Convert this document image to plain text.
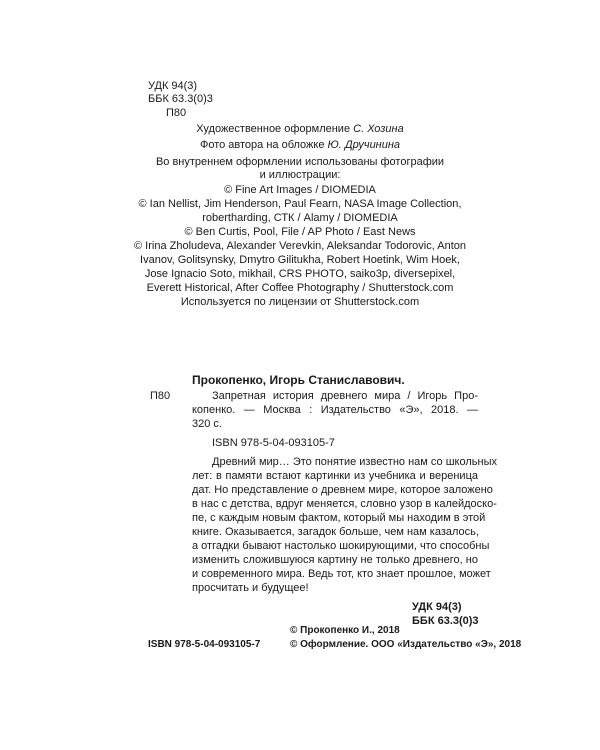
УДК 94(3)
ББК 63.3(0)3
П80
Художественное оформление С. Хозина
Фото автора на обложке Ю. Дручинина
Во внутреннем оформлении использованы фотографии
и иллюстрации:
© Fine Art Images / DIOMEDIA
© Ian Nellist, Jim Henderson, Paul Fearn, NASA Image Collection,
robertharding, СТК / Alamy / DIOMEDIA
© Ben Curtis, Pool, File / AP Photo / East News
© Irina Zholudeva, Alexander Verevkin, Aleksandar Todorovic, Anton
Ivanov, Golitsynsky, Dmytro Gilitukha, Robert Hoetink, Wim Hoek,
Jose Ignacio Soto, mikhail, CRS PHOTO, saiko3p, diversepixel,
Everett Historical, After Coffee Photography / Shutterstock.com
Используется по лицензии от Shutterstock.com
Прокопенко, Игорь Станиславович.
П80	Запретная история древнего мира / Игорь Про-
копенко. — Москва : Издательство «Э», 2018. —
320 с.
ISBN 978-5-04-093105-7
Древний мир… Это понятие известно нам со школьных
лет: в памяти встают картинки из учебника и вереница
дат. Но представление о древнем мире, которое заложено
в нас с детства, вдруг меняется, словно узор в калейдоско-
пе, с каждым новым фактом, который мы находим в этой
книге. Оказывается, загадок больше, чем нам казалось,
а отгадки бывают настолько шокирующими, что способны
изменить сложившуюся картину не только древнего, но
и современного мира. Ведь тот, кто знает прошлое, может
просчитать и будущее!
УДК 94(3)
ББК 63.3(0)3
© Прокопенко И., 2018
ISBN 978-5-04-093105-7	© Оформление. ООО «Издательство «Э», 2018
